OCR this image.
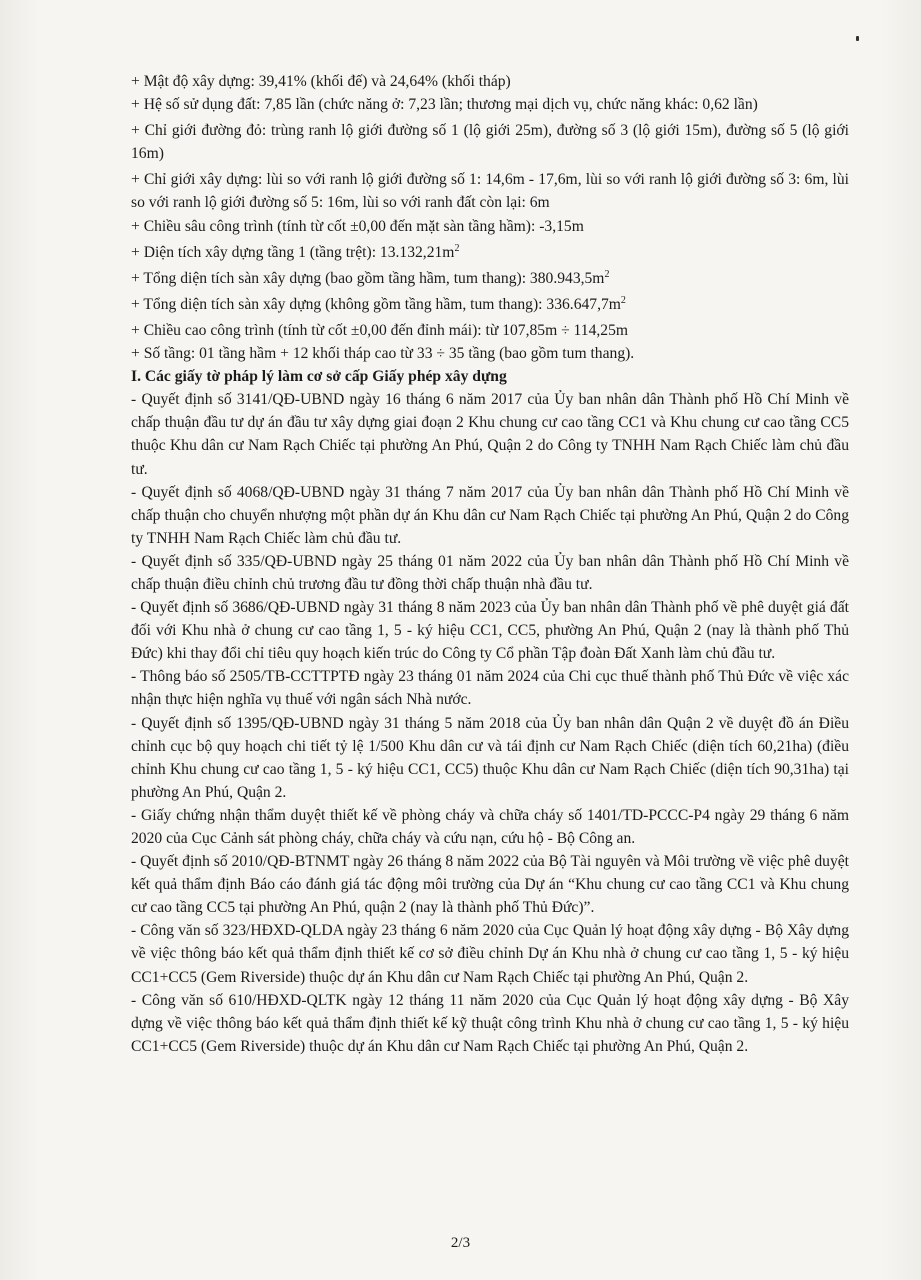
+ Mật độ xây dựng: 39,41% (khối đế) và 24,64% (khối tháp)

+ Hệ số sử dụng đất: 7,85 lần (chức năng ở: 7,23 lần; thương mại dịch vụ, chức năng khác: 0,62 lần)

+ Chỉ giới đường đỏ: trùng ranh lộ giới đường số 1 (lộ giới 25m), đường số 3 (lộ giới 15m), đường số 5 (lộ giới 16m)

+ Chỉ giới xây dựng: lùi so với ranh lộ giới đường số 1: 14,6m - 17,6m, lùi so với ranh lộ giới đường số 3: 6m, lùi so với ranh lộ giới đường số 5: 16m, lùi so với ranh đất còn lại: 6m

+ Chiều sâu công trình (tính từ cốt ±0,00 đến mặt sàn tầng hầm): -3,15m

+ Diện tích xây dựng tầng 1 (tầng trệt): $13.132,21m^2$

+ Tổng diện tích sàn xây dựng (bao gồm tầng hầm, tum thang): $380.943,5m^2$

+ Tổng diện tích sàn xây dựng (không gồm tầng hầm, tum thang): $336.647,7m^2$

+ Chiều cao công trình (tính từ cốt ±0,00 đến đỉnh mái): từ 107,85m ÷ 114,25m

+ Số tầng: 01 tầng hầm + 12 khối tháp cao từ 33 ÷ 35 tầng (bao gồm tum thang).

I. Các giấy tờ pháp lý làm cơ sở cấp Giấy phép xây dựng

- Quyết định số 3141/QĐ-UBND ngày 16 tháng 6 năm 2017 của Ủy ban nhân dân Thành phố Hồ Chí Minh về chấp thuận đầu tư dự án đầu tư xây dựng giai đoạn 2 Khu chung cư cao tầng CC1 và Khu chung cư cao tầng CC5 thuộc Khu dân cư Nam Rạch Chiếc tại phường An Phú, Quận 2 do Công ty TNHH Nam Rạch Chiếc làm chủ đầu tư.

- Quyết định số 4068/QĐ-UBND ngày 31 tháng 7 năm 2017 của Ủy ban nhân dân Thành phố Hồ Chí Minh về chấp thuận cho chuyển nhượng một phần dự án Khu dân cư Nam Rạch Chiếc tại phường An Phú, Quận 2 do Công ty TNHH Nam Rạch Chiếc làm chủ đầu tư.

- Quyết định số 335/QĐ-UBND ngày 25 tháng 01 năm 2022 của Ủy ban nhân dân Thành phố Hồ Chí Minh về chấp thuận điều chỉnh chủ trương đầu tư đồng thời chấp thuận nhà đầu tư.

- Quyết định số 3686/QĐ-UBND ngày 31 tháng 8 năm 2023 của Ủy ban nhân dân Thành phố về phê duyệt giá đất đối với Khu nhà ở chung cư cao tầng 1, 5 - ký hiệu CC1, CC5, phường An Phú, Quận 2 (nay là thành phố Thủ Đức) khi thay đổi chỉ tiêu quy hoạch kiến trúc do Công ty Cổ phần Tập đoàn Đất Xanh làm chủ đầu tư.

- Thông báo số 2505/TB-CCTTPTĐ ngày 23 tháng 01 năm 2024 của Chi cục thuế thành phố Thủ Đức về việc xác nhận thực hiện nghĩa vụ thuế với ngân sách Nhà nước.

- Quyết định số 1395/QĐ-UBND ngày 31 tháng 5 năm 2018 của Ủy ban nhân dân Quận 2 về duyệt đồ án Điều chỉnh cục bộ quy hoạch chi tiết tỷ lệ 1/500 Khu dân cư và tái định cư Nam Rạch Chiếc (diện tích 60,21ha) (điều chỉnh Khu chung cư cao tầng 1, 5 - ký hiệu CC1, CC5) thuộc Khu dân cư Nam Rạch Chiếc (diện tích 90,31ha) tại phường An Phú, Quận 2.

- Giấy chứng nhận thẩm duyệt thiết kế về phòng cháy và chữa cháy số 1401/TD-PCCC-P4 ngày 29 tháng 6 năm 2020 của Cục Cảnh sát phòng cháy, chữa cháy và cứu nạn, cứu hộ - Bộ Công an.

- Quyết định số 2010/QĐ-BTNMT ngày 26 tháng 8 năm 2022 của Bộ Tài nguyên và Môi trường về việc phê duyệt kết quả thẩm định Báo cáo đánh giá tác động môi trường của Dự án “Khu chung cư cao tầng CC1 và Khu chung cư cao tầng CC5 tại phường An Phú, quận 2 (nay là thành phố Thủ Đức)”.

- Công văn số 323/HĐXD-QLDA ngày 23 tháng 6 năm 2020 của Cục Quản lý hoạt động xây dựng - Bộ Xây dựng về việc thông báo kết quả thẩm định thiết kế cơ sở điều chỉnh Dự án Khu nhà ở chung cư cao tầng 1, 5 - ký hiệu CC1+CC5 (Gem Riverside) thuộc dự án Khu dân cư Nam Rạch Chiếc tại phường An Phú, Quận 2.

- Công văn số 610/HĐXD-QLTK ngày 12 tháng 11 năm 2020 của Cục Quản lý hoạt động xây dựng - Bộ Xây dựng về việc thông báo kết quả thẩm định thiết kế kỹ thuật công trình Khu nhà ở chung cư cao tầng 1, 5 - ký hiệu CC1+CC5 (Gem Riverside) thuộc dự án Khu dân cư Nam Rạch Chiếc tại phường An Phú, Quận 2.

2/3
